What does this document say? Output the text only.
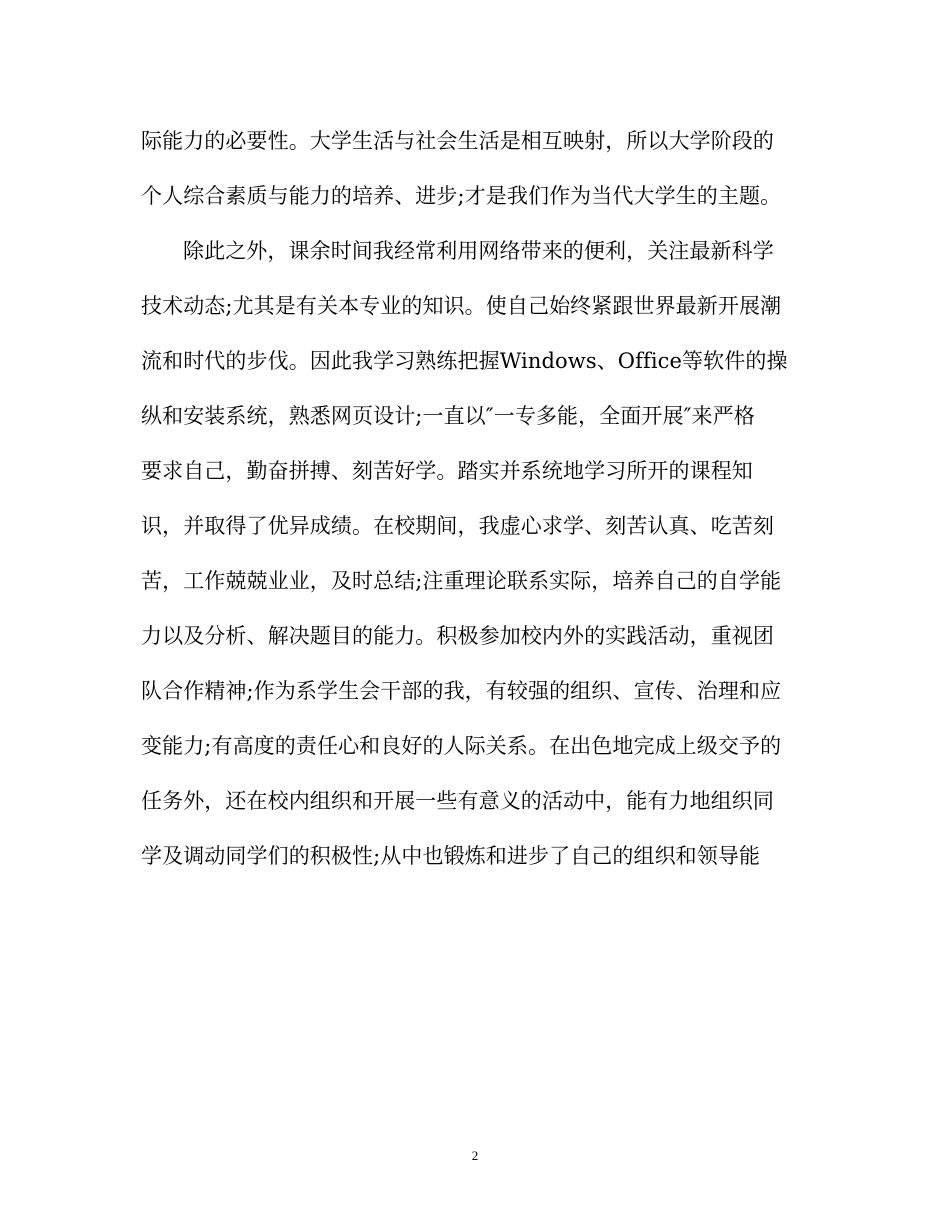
际能力的必要性。大学生活与社会生活是相互映射，所以大学阶段的

个人综合素质与能力的培养、进步;才是我们作为当代大学生的主题。

除此之外，课余时间我经常利用网络带来的便利，关注最新科学

技术动态;尤其是有关本专业的知识。使自己始终紧跟世界最新开展潮

流和时代的步伐。因此我学习熟练把握Windows、Office等软件的操

纵和安装系统，熟悉网页设计;一直以″一专多能，全面开展″来严格

要求自己，勤奋拼搏、刻苦好学。踏实并系统地学习所开的课程知

识，并取得了优异成绩。在校期间，我虚心求学、刻苦认真、吃苦刻

苦，工作兢兢业业，及时总结;注重理论联系实际，培养自己的自学能

力以及分析、解决题目的能力。积极参加校内外的实践活动，重视团

队合作精神;作为系学生会干部的我，有较强的组织、宣传、治理和应

变能力;有高度的责任心和良好的人际关系。在出色地完成上级交予的

任务外，还在校内组织和开展一些有意义的活动中，能有力地组织同

学及调动同学们的积极性;从中也锻炼和进步了自己的组织和领导能

2
